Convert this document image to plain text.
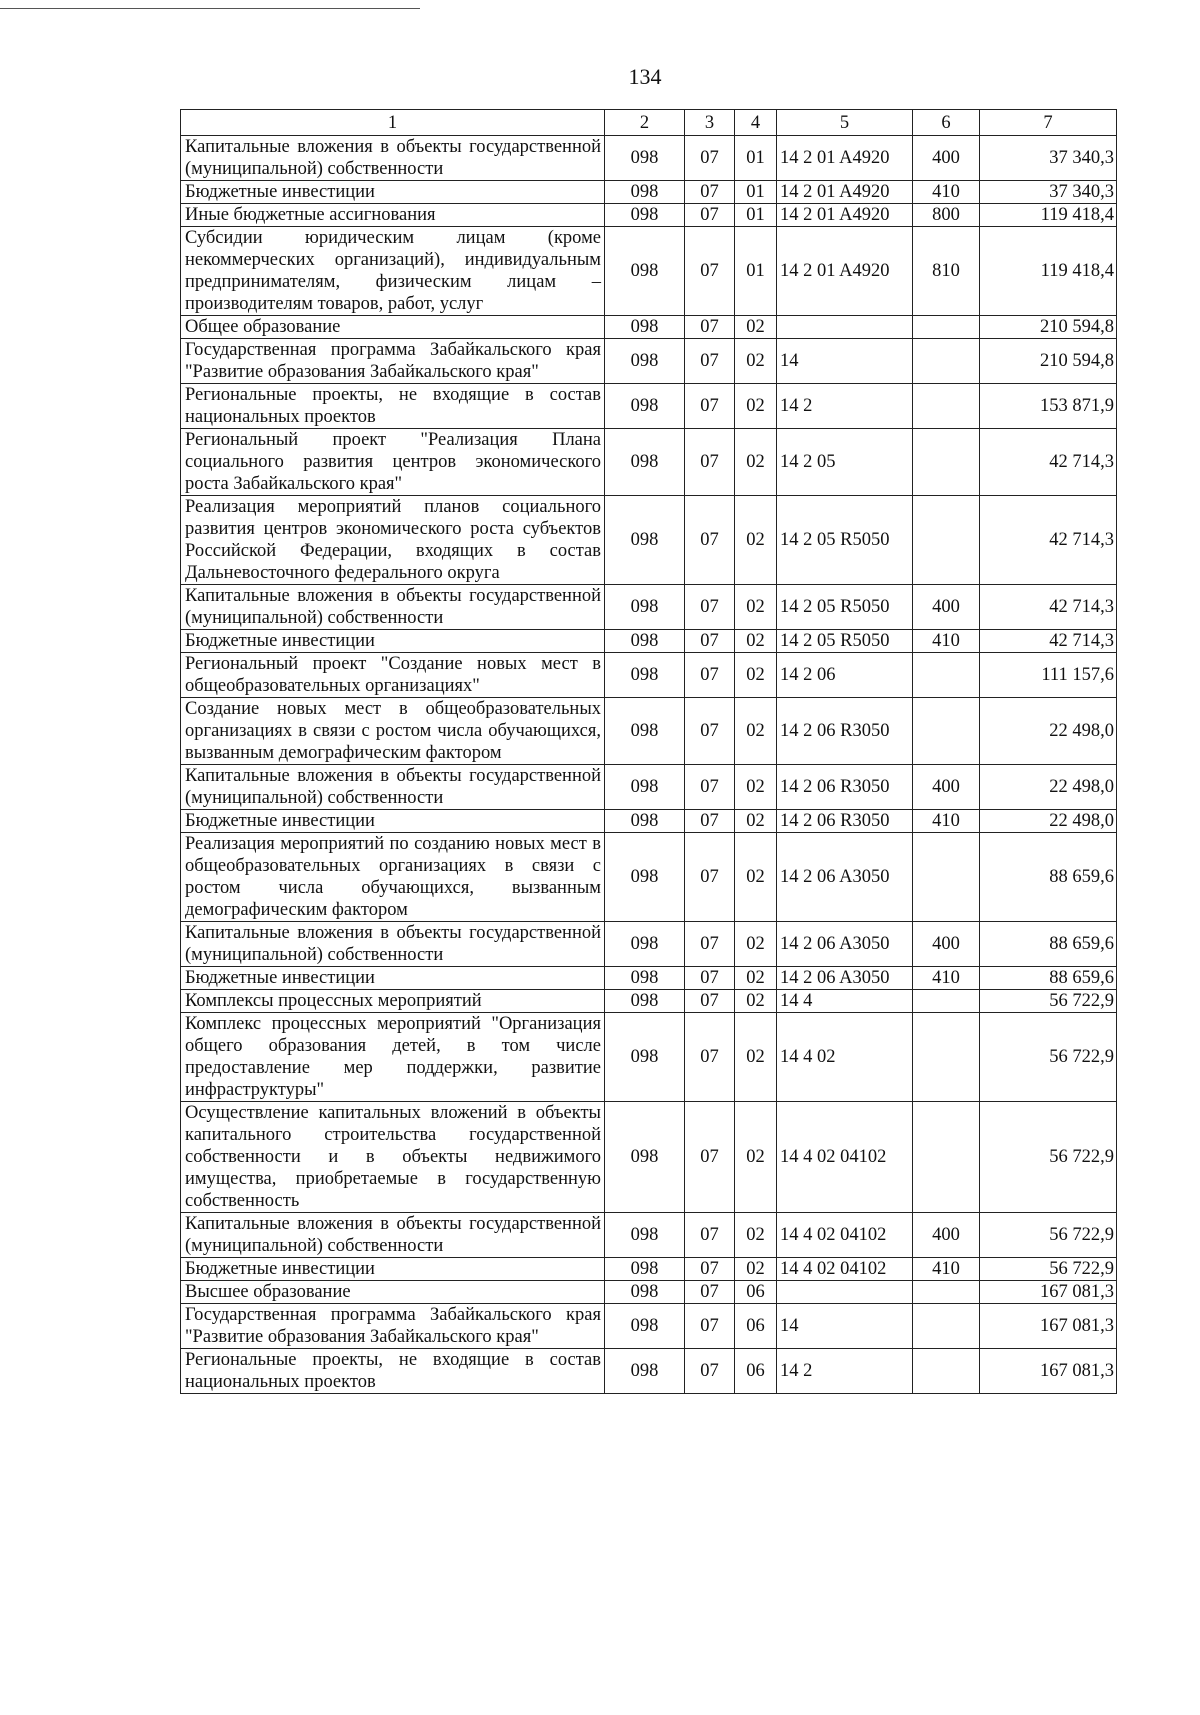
134
1	2	3	4	5	6	7
Капитальные вложения в объекты государственной (муниципальной) собственности	098	07	01	14 2 01 A4920	400	37 340,3
Бюджетные инвестиции	098	07	01	14 2 01 A4920	410	37 340,3
Иные бюджетные ассигнования	098	07	01	14 2 01 A4920	800	119 418,4
Субсидии юридическим лицам (кроме некоммерческих организаций), индивидуальным предпринимателям, физическим лицам – производителям товаров, работ, услуг	098	07	01	14 2 01 A4920	810	119 418,4
Общее образование	098	07	02			210 594,8
Государственная программа Забайкальского края "Развитие образования Забайкальского края"	098	07	02	14		210 594,8
Региональные проекты, не входящие в состав национальных проектов	098	07	02	14 2		153 871,9
Региональный проект "Реализация Плана социального развития центров экономического роста Забайкальского края"	098	07	02	14 2 05		42 714,3
Реализация мероприятий планов социального развития центров экономического роста субъектов Российской Федерации, входящих в состав Дальневосточного федерального округа	098	07	02	14 2 05 R5050		42 714,3
Капитальные вложения в объекты государственной (муниципальной) собственности	098	07	02	14 2 05 R5050	400	42 714,3
Бюджетные инвестиции	098	07	02	14 2 05 R5050	410	42 714,3
Региональный проект "Создание новых мест в общеобразовательных организациях"	098	07	02	14 2 06		111 157,6
Создание новых мест в общеобразовательных организациях в связи с ростом числа обучающихся, вызванным демографическим фактором	098	07	02	14 2 06 R3050		22 498,0
Капитальные вложения в объекты государственной (муниципальной) собственности	098	07	02	14 2 06 R3050	400	22 498,0
Бюджетные инвестиции	098	07	02	14 2 06 R3050	410	22 498,0
Реализация мероприятий по созданию новых мест в общеобразовательных организациях в связи с ростом числа обучающихся, вызванным демографическим фактором	098	07	02	14 2 06 A3050		88 659,6
Капитальные вложения в объекты государственной (муниципальной) собственности	098	07	02	14 2 06 A3050	400	88 659,6
Бюджетные инвестиции	098	07	02	14 2 06 A3050	410	88 659,6
Комплексы процессных мероприятий	098	07	02	14 4		56 722,9
Комплекс процессных мероприятий "Организация общего образования детей, в том числе предоставление мер поддержки, развитие инфраструктуры"	098	07	02	14 4 02		56 722,9
Осуществление капитальных вложений в объекты капитального строительства государственной собственности и в объекты недвижимого имущества, приобретаемые в государственную собственность	098	07	02	14 4 02 04102		56 722,9
Капитальные вложения в объекты государственной (муниципальной) собственности	098	07	02	14 4 02 04102	400	56 722,9
Бюджетные инвестиции	098	07	02	14 4 02 04102	410	56 722,9
Высшее образование	098	07	06			167 081,3
Государственная программа Забайкальского края "Развитие образования Забайкальского края"	098	07	06	14		167 081,3
Региональные проекты, не входящие в состав национальных проектов	098	07	06	14 2		167 081,3
